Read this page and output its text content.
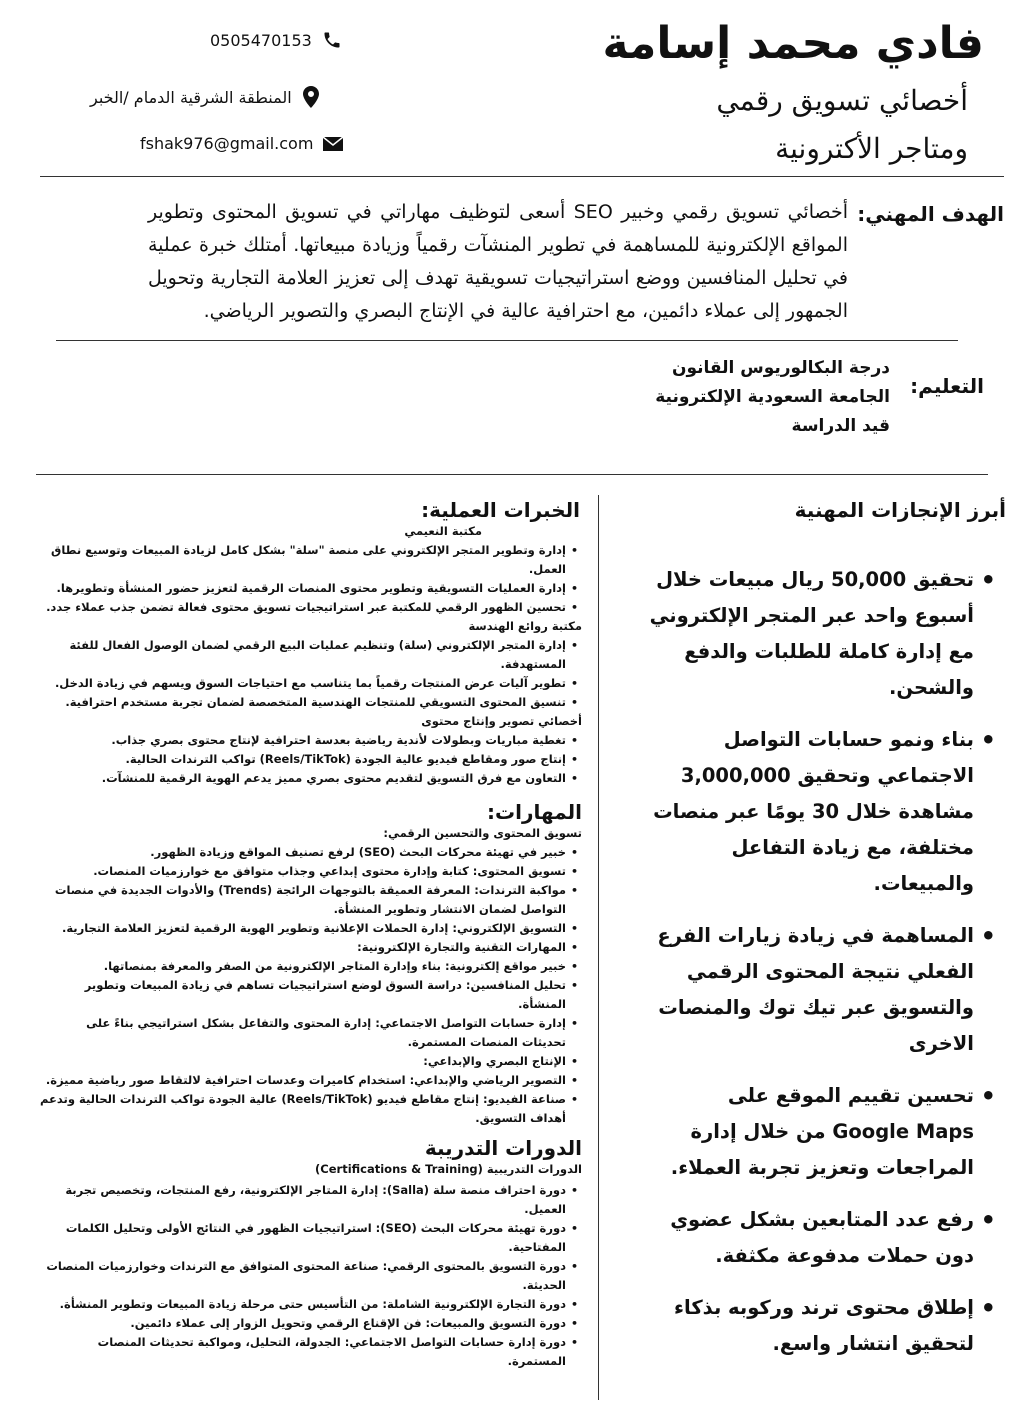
فادي محمد إسامة
أخصائي تسويق رقمي
ومتاجر الأكترونية
0505470153
المنطقة الشرقية الدمام /الخبر
fshak976@gmail.com
الهدف المهني:
أخصائي تسويق رقمي وخبير SEO أسعى لتوظيف مهاراتي في تسويق المحتوى وتطوير المواقع الإلكترونية للمساهمة في تطوير المنشآت رقمياً وزيادة مبيعاتها. أمتلك خبرة عملية في تحليل المنافسين ووضع استراتيجيات تسويقية تهدف إلى تعزيز العلامة التجارية وتحويل الجمهور إلى عملاء دائمين، مع احترافية عالية في الإنتاج البصري والتصوير الرياضي.
التعليم:
درجة البكالوريوس القانون
الجامعة السعودية الإلكترونية
قيد الدراسة
أبرز الإنجازات المهنية
• تحقيق 50,000 ريال مبيعات خلال أسبوع واحد عبر المتجر الإلكتروني مع إدارة كاملة للطلبات والدفع والشحن.
• بناء ونمو حسابات التواصل الاجتماعي وتحقيق 3,000,000 مشاهدة خلال 30 يومًا عبر منصات مختلفة، مع زيادة التفاعل والمبيعات.
• المساهمة في زيادة زيارات الفرع الفعلي نتيجة المحتوى الرقمي والتسويق عبر تيك توك والمنصات الاخرى
• تحسين تقييم الموقع على Google Maps من خلال إدارة المراجعات وتعزيز تجربة العملاء.
• رفع عدد المتابعين بشكل عضوي دون حملات مدفوعة مكثفة.
• إطلاق محتوى ترند وركوبه بذكاء لتحقيق انتشار واسع.
الخبرات العملية:
مكتبة النعيمي
• إدارة وتطوير المتجر الإلكتروني على منصة "سلة" بشكل كامل لزيادة المبيعات وتوسيع نطاق العمل.
• إدارة العمليات التسويقية وتطوير محتوى المنصات الرقمية لتعزيز حضور المنشأة وتطويرها.
• تحسين الظهور الرقمي للمكتبة عبر استراتيجيات تسويق محتوى فعالة تضمن جذب عملاء جدد.
مكتبة روائع الهندسة
• إدارة المتجر الإلكتروني (سلة) وتنظيم عمليات البيع الرقمي لضمان الوصول الفعال للفئة المستهدفة.
• تطوير آليات عرض المنتجات رقمياً بما يتناسب مع احتياجات السوق ويسهم في زيادة الدخل.
• تنسيق المحتوى التسويقي للمنتجات الهندسية المتخصصة لضمان تجربة مستخدم احترافية.
أخصائي تصوير وإنتاج محتوى
• تغطية مباريات وبطولات لأندية رياضية بعدسة احترافية لإنتاج محتوى بصري جذاب.
• إنتاج صور ومقاطع فيديو عالية الجودة (Reels/TikTok) تواكب الترندات الحالية.
• التعاون مع فرق التسويق لتقديم محتوى بصري مميز يدعم الهوية الرقمية للمنشآت.
المهارات:
تسويق المحتوى والتحسين الرقمي:
• خبير في تهيئة محركات البحث (SEO) لرفع تصنيف المواقع وزيادة الظهور.
• تسويق المحتوى: كتابة وإدارة محتوى إبداعي وجذاب متوافق مع خوارزميات المنصات.
• مواكبة الترندات: المعرفة العميقة بالتوجهات الرائجة (Trends) والأدوات الجديدة في منصات التواصل لضمان الانتشار وتطوير المنشأة.
• التسويق الإلكتروني: إدارة الحملات الإعلانية وتطوير الهوية الرقمية لتعزيز العلامة التجارية.
• المهارات التقنية والتجارة الإلكترونية:
• خبير مواقع إلكترونية: بناء وإدارة المتاجر الإلكترونية من الصفر والمعرفة بمنصاتها.
• تحليل المنافسين: دراسة السوق لوضع استراتيجيات تساهم في زيادة المبيعات وتطوير المنشأة.
• إدارة حسابات التواصل الاجتماعي: إدارة المحتوى والتفاعل بشكل استراتيجي بناءً على تحديثات المنصات المستمرة.
• الإنتاج البصري والإبداعي:
• التصوير الرياضي والإبداعي: استخدام كاميرات وعدسات احترافية لالتقاط صور رياضية مميزة.
• صناعة الفيديو: إنتاج مقاطع فيديو (Reels/TikTok) عالية الجودة تواكب الترندات الحالية وتدعم أهداف التسويق.
الدورات التدريبة
الدورات التدريبية (Certifications & Training)
• دورة احتراف منصة سلة (Salla): إدارة المتاجر الإلكترونية، رفع المنتجات، وتخصيص تجربة العميل.
• دورة تهيئة محركات البحث (SEO): استراتيجيات الظهور في النتائج الأولى وتحليل الكلمات المفتاحية.
• دورة التسويق بالمحتوى الرقمي: صناعة المحتوى المتوافق مع الترندات وخوارزميات المنصات الحديثة.
• دورة التجارة الإلكترونية الشاملة: من التأسيس حتى مرحلة زيادة المبيعات وتطوير المنشأة.
• دورة التسويق والمبيعات: فن الإقناع الرقمي وتحويل الزوار إلى عملاء دائمين.
• دورة إدارة حسابات التواصل الاجتماعي: الجدولة، التحليل، ومواكبة تحديثات المنصات المستمرة.
